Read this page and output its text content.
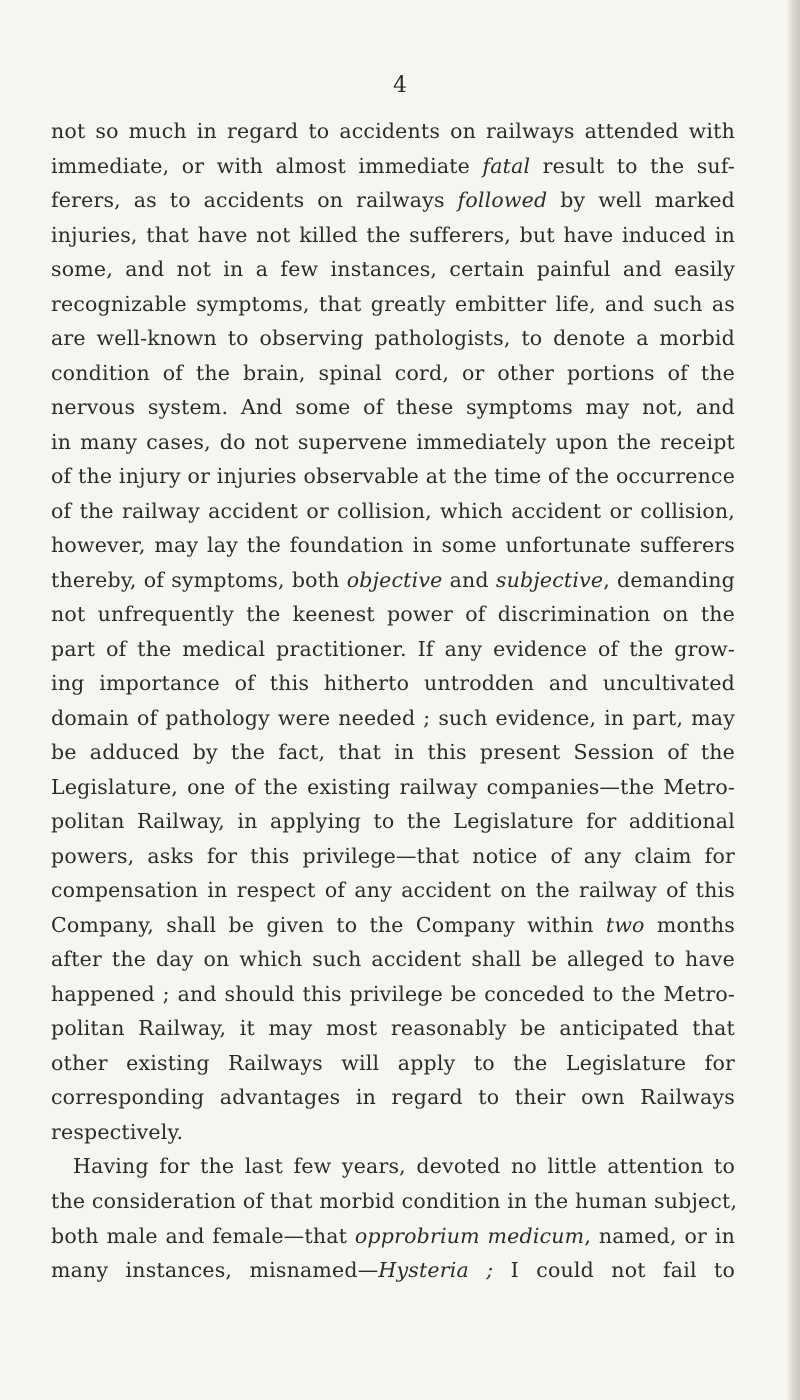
4
not so much in regard to accidents on railways attended with
immediate, or with almost immediate fatal result to the suf-
ferers, as to accidents on railways followed by well marked
injuries, that have not killed the sufferers, but have induced in
some, and not in a few instances, certain painful and easily
recognizable symptoms, that greatly embitter life, and such as
are well-known to observing pathologists, to denote a morbid
condition of the brain, spinal cord, or other portions of the
nervous system. And some of these symptoms may not, and
in many cases, do not supervene immediately upon the receipt
of the injury or injuries observable at the time of the occurrence
of the railway accident or collision, which accident or collision,
however, may lay the foundation in some unfortunate sufferers
thereby, of symptoms, both objective and subjective, demanding
not unfrequently the keenest power of discrimination on the
part of the medical practitioner. If any evidence of the grow-
ing importance of this hitherto untrodden and uncultivated
domain of pathology were needed ; such evidence, in part, may
be adduced by the fact, that in this present Session of the
Legislature, one of the existing railway companies—the Metro-
politan Railway, in applying to the Legislature for additional
powers, asks for this privilege—that notice of any claim for
compensation in respect of any accident on the railway of this
Company, shall be given to the Company within two months
after the day on which such accident shall be alleged to have
happened ; and should this privilege be conceded to the Metro-
politan Railway, it may most reasonably be anticipated that
other existing Railways will apply to the Legislature for
corresponding advantages in regard to their own Railways
respectively.
Having for the last few years, devoted no little attention to
the consideration of that morbid condition in the human subject,
both male and female—that opprobrium medicum, named, or in
many instances, misnamed—Hysteria ; I could not fail to
